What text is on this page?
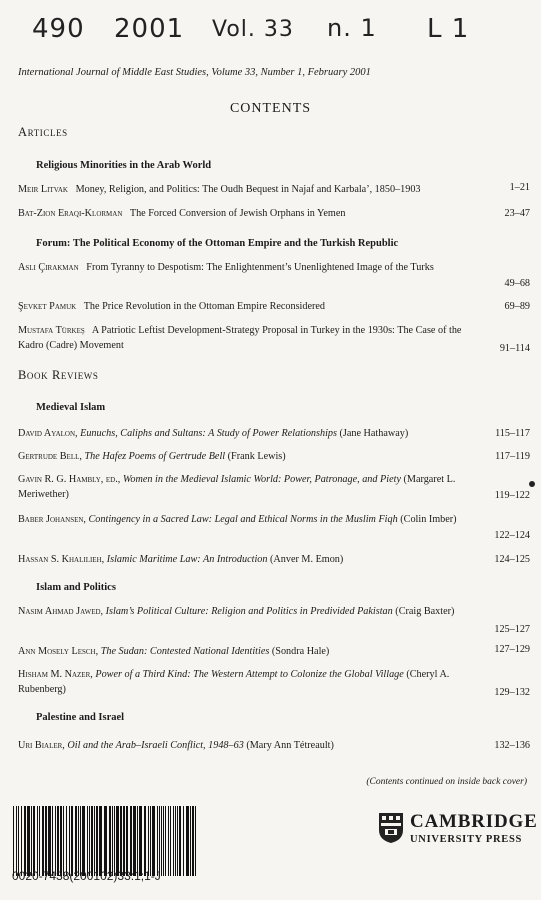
490 2001 Vol. 33 n. 1 L 1
International Journal of Middle East Studies, Volume 33, Number 1, February 2001
CONTENTS
Articles
Religious Minorities in the Arab World
Meir Litvak Money, Religion, and Politics: The Oudh Bequest in Najaf and Karbala’, 1850–1903	1–21
Bat-Zion Eraqi-Klorman The Forced Conversion of Jewish Orphans in Yemen	23–47
Forum: The Political Economy of the Ottoman Empire and the Turkish Republic
Aslı Çırakman From Tyranny to Despotism: The Enlightenment’s Unenlightened Image of the Turks
49–68
Şevket Pamuk The Price Revolution in the Ottoman Empire Reconsidered	69–89
Mustafa Türkeş A Patriotic Leftist Development-Strategy Proposal in Turkey in the 1930s: The Case of the Kadro (Cadre) Movement	91–114
Book Reviews
Medieval Islam
David Ayalon, Eunuchs, Caliphs and Sultans: A Study of Power Relationships (Jane Hathaway)	115–117
Gertrude Bell, The Hafez Poems of Gertrude Bell (Frank Lewis)	117–119
Gavin R. G. Hambly, ed., Women in the Medieval Islamic World: Power, Patronage, and Piety (Margaret L. Meriwether)	119–122
Baber Johansen, Contingency in a Sacred Law: Legal and Ethical Norms in the Muslim Fiqh (Colin Imber)
122–124
Hassan S. Khalilieh, Islamic Maritime Law: An Introduction (Anver M. Emon)	124–125
Islam and Politics
Nasim Ahmad Jawed, Islam’s Political Culture: Religion and Politics in Predivided Pakistan (Craig Baxter)
125–127
Ann Mosely Lesch, The Sudan: Contested National Identities (Sondra Hale)	127–129
Hisham M. Nazer, Power of a Third Kind: The Western Attempt to Colonize the Global Village (Cheryl A. Rubenberg)	129–132
Palestine and Israel
Uri Bialer, Oil and the Arab–Israeli Conflict, 1948–63 (Mary Ann Tétreault)	132–136
(Contents continued on inside back cover)
0020-7438(200102)33:1;1-J
CAMBRIDGE
UNIVERSITY PRESS
